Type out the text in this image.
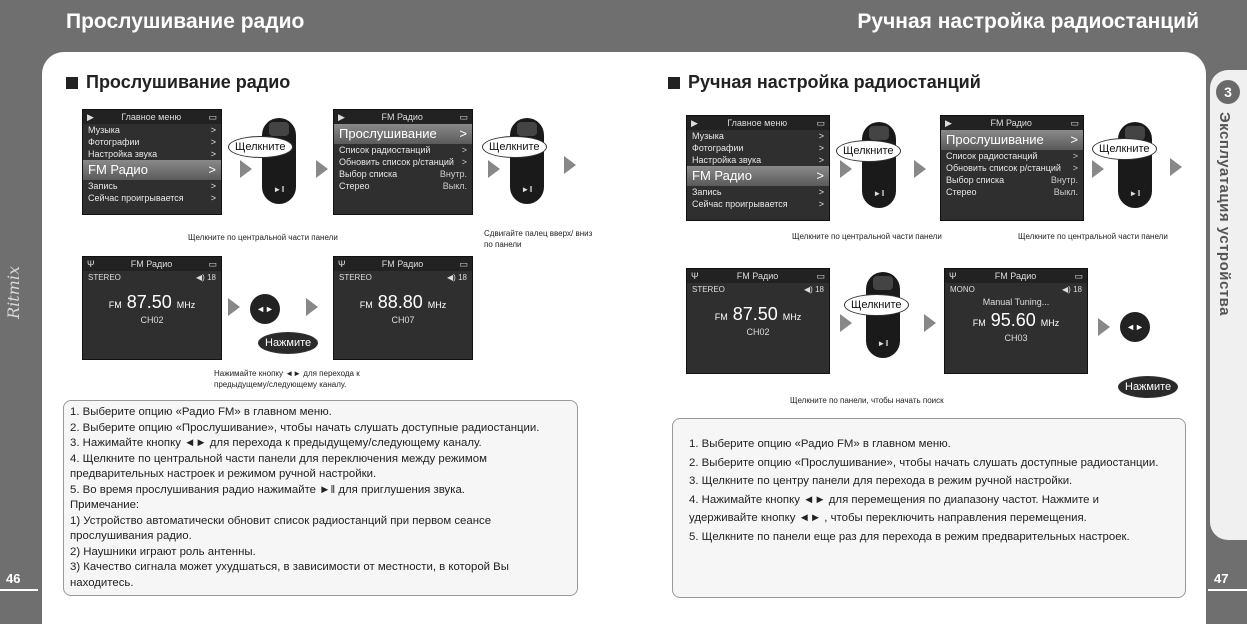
Прослушивание радио	Ручная настройка радиостанций
Ritmix
Прослушивание радио
▶	Главное меню	▭
Музыка	>
Фотографии	>
Настройка звука	>
FM Радио	>
Запись	>
Сейчас проигрывается	>
►ǁ
Щелкните
▶	FM Радио	▭
Прослушивание >
Список радиостанций	>
Обновить список р/станций >
Выбор списка	Внутр.
Стерео	Выкл.	►ǁ
Щелкните
Щелкните по центральной части панели	Сдвигайте палец вверх/ вниз по панели
Ψ	FM Радио	▭
STEREO	◀) 18
FM 87.50 MHz
CH02
◄►
Нажмите
Ψ	FM Радио	▭
STEREO	◀) 18
FM 88.80 MHz
CH07
Нажимайте кнопку ◄► для перехода к предыдущему/следующему каналу.
1. Выберите опцию «Радио FM» в главном меню.
2. Выберите опцию «Прослушивание», чтобы начать слушать доступные радиостанции.
3. Нажимайте кнопку ◄► для перехода к предыдущему/следующему каналу.
4. Щелкните по центральной части панели для переключения между режимом предварительных настроек и режимом ручной настройки.
5. Во время прослушивания радио нажимайте ►‖ для приглушения звука.
Примечание:
1) Устройство автоматически обновит список радиостанций при первом сеансе прослушивания радио.
2) Наушники играют роль антенны.
3) Качество сигнала может ухудшаться, в зависимости от местности, в которой Вы находитесь.
46
Ручная настройка радиостанций
▶	Главное меню	▭
Музыка	>
Фотографии	>
Настройка звука	>
FM Радио	>
Запись	>
Сейчас проигрывается	>
►ǁ
Щелкните
▶	FM Радио	▭
Прослушивание >
Список радиостанций	>
Обновить список р/станций >
Выбор списка	Внутр.
Стерео	Выкл.	►ǁ
Щелкните
Щелкните по центральной части панели	Щелкните по центральной части панели
Ψ	FM Радио	▭
STEREO	◀) 18
FM 87.50 MHz
CH02
►ǁ
Щелкните
Ψ	FM Радио	▭
MONO	◀) 18
Manual Tuning...
FM 95.60 MHz
CH03
◄►
Нажмите
Щелкните по панели, чтобы начать поиск
1. Выберите опцию «Радио FM» в главном меню.
2. Выберите опцию «Прослушивание», чтобы начать слушать доступные радиостанции.
3. Щелкните по центру панели для перехода в режим ручной настройки.
4. Нажимайте кнопку ◄► для перемещения по диапазону частот. Нажмите и удерживайте кнопку ◄► , чтобы переключить направления перемещения.
5. Щелкните по панели еще раз для перехода в режим предварительных настроек.
3
Эксплуатация устройства
47
